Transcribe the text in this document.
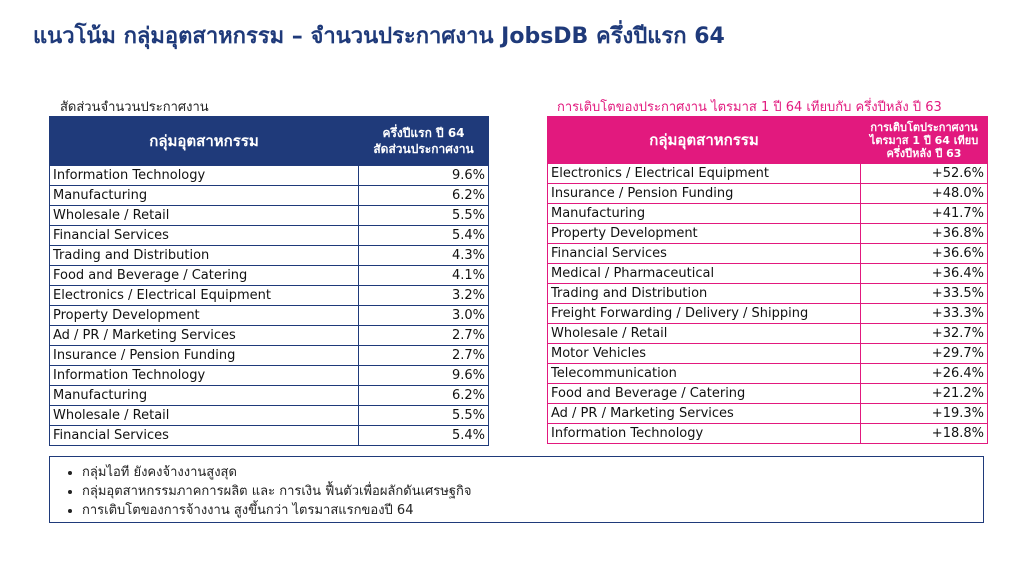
แนวโน้ม กลุ่มอุตสาหกรรม – จำนวนประกาศงาน JobsDB ครึ่งปีแรก 64
สัดส่วนจำนวนประกาศงาน	การเติบโตของประกาศงาน ไตรมาส 1 ปี 64 เทียบกับ ครึ่งปีหลัง ปี 63
กลุ่มอุตสาหกรรม	ครึ่งปีแรก ปี 64
สัดส่วนประกาศงาน

Information Technology	9.6%
Manufacturing	6.2%
Wholesale / Retail	5.5%
Financial Services	5.4%
Trading and Distribution	4.3%
Food and Beverage / Catering	4.1%
Electronics / Electrical Equipment	3.2%
Property Development	3.0%
Ad / PR / Marketing Services	2.7%
Insurance / Pension Funding	2.7%
Information Technology	9.6%
Manufacturing	6.2%
Wholesale / Retail	5.5%
Financial Services	5.4%
กลุ่มอุตสาหกรรม	การเติบโตประกาศงาน
ไตรมาส 1 ปี 64 เทียบ
ครึ่งปีหลัง ปี 63

Electronics / Electrical Equipment	+52.6%
Insurance / Pension Funding	+48.0%
Manufacturing	+41.7%
Property Development	+36.8%
Financial Services	+36.6%
Medical / Pharmaceutical	+36.4%
Trading and Distribution	+33.5%
Freight Forwarding / Delivery / Shipping	+33.3%
Wholesale / Retail	+32.7%
Motor Vehicles	+29.7%
Telecommunication	+26.4%
Food and Beverage / Catering	+21.2%
Ad / PR / Marketing Services	+19.3%
Information Technology	+18.8%
• กลุ่มไอที ยังคงจ้างงานสูงสุด
• กลุ่มอุตสาหกรรมภาคการผลิต และ การเงิน ฟื้นตัวเพื่อผลักดันเศรษฐกิจ
• การเติบโตของการจ้างงาน สูงขึ้นกว่า ไตรมาสแรกของปี 64
